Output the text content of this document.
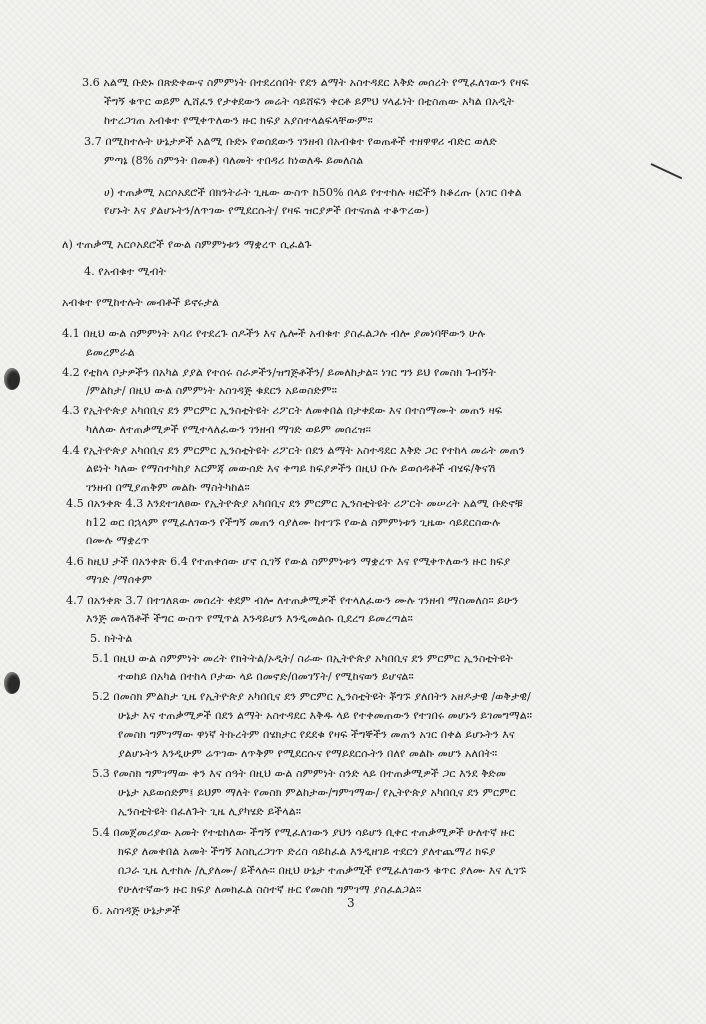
3.6 አልሚ ቡድኑ በጽድቀውና ስምምነት በተደረሰበት የደን ልማት አስተዳደር እቅድ መሰረት የሚፈለገውን የዛፍ
ችግኝ ቁጥር ወይም ሊሸፈን የታቀደውን መሬት ሳይሸፍን ቀርቶ ይምህ ሃላፊነት በቲስጠው አካል በአዲት
ከተረጋገጠ አብቁተ የሚቀጥለውን ዙር ክፍያ አያስተላልፍላቸውም።
3.7 በሚከተሉት ሁኔታዎች አልሚ ቡድኑ የወሰደውን ገንዘብ በአብቁተ የወጠቶች ተዘዋዋሪ ብድር ወለድ
ምጣኔ (8% ስምንት በመቶ) ባለመት ተበዳሪ ከነወለዱ ይመለስል
ሀ) ተጠቃሚ አርሶአደሮች በክንትራት ጊዜው ውስጥ ከ50% በላይ የተተከሉ ዛፎችን ከቆረጡ (አገር በቀል
የሆኑት እና ያልሆኑትን/ለጥገው የሚደርሱት/ የዛፍ ዝርያዎች በተናጠል ተቆጥረው)
ለ) ተጠቃሚ አርሶአደሮች የውል ስምምነቱን ማቋረጥ ሲፈልጉ
4. የአብቁተ ሚብት
አብቁተ የሚከተሉት መብቶች ይኖሩታል
4.1 በዚህ ውል ስምምነት አባሪ የተደረጉ ሰዶችን እና ሌሎች አብቁተ ያስፈልጋሉ ብሎ ያመነባቸውን ሁሉ
ይመረምራል
4.2 የቲከላ ቦታዎችን በአካል ያያል የተሰሩ ስራዎችን/ዝግጅቶችን/ ይመለከታል። ነገር ግን ይህ የመስክ ጉብኝት
/ምልከታ/ በዚህ ውል ስምምነት አስገዳጅ ቁደርን አይወስድም።
4.3 የኢትዮጵያ አካበቢና ደን ምርምር ኢንስቲትዩት ሪፖርት ለመቀበል በታቀደው እና በተስማሙት መጠን ዛፍ
ካለለው ለተጠቃሚዎች የሚተላለፈውን ገንዘብ ማገድ ወይም መሰረዝ፡፡
4.4 የኢትዮጵያ አካበቢና ደን ምርምር ኢንስቲትዩት ሪፖርት በደን ልማት አስተዳደር እቅድ ጋር የተከላ መሬት መጠን
ልዩነት ካለው የማስተካከያ እርምጃ መውሰድ እና ቀጣይ ክፍያዎችን በዚህ ቡሉ ይወሰዳቶች ብሄፍ/ቅናሽ
ገንዘብ በሚያጠቅም መልኩ ማስትካከል።
4.5 በአንቀጽ 4.3 እንደተገለፀው የኢትዮጵያ አካበቢና ደን ምርምር ኢንስቲትዩት ሪፖርት መሠረት አልሚ ቡድኖቹ
ከ12 ወር በኋላም የሚፈለገውን የችግኝ መጠን ሳያለሙ ከተገኙ የውል ስምምነቱን ጊዜው ሳይደርስውሉ
በሙሉ ማቋረጥ
4.6 ከዚህ ታች በአንቀጽ 6.4 የተጠቀሰው ሆኖ ሲገኝ የውል ስምምነቱን ማቋረጥ እና የሚቀጥለውን ዙር ክፍያ
ማገድ /ማሰቀም
4.7 በአንቀጽ 3.7 በተገለጸው መሰረት ቀደም ብሎ ለተጠቃሚዎች የተላለፈውን ሙሉ ገንዘብ ማስመለስ። ይሁን
እንጅ መላሽቶች ችግር ውስጥ የሚጥል እንዳይሆን እንዲመልሱ ቢደረግ ይመረጣል።
5. ክትትል
5.1 በዚህ ውል ስምምነት መረት የክትትል/ኦዲት/ ስራው በኢትዮጵያ አካበቢና ደን ምርምር ኢንስቲትዩት
ተወከይ በአካል በተከላ ቦታው ላይ በመኖድ/በመገኘት/ የሚከናወን ይሆናል።
5.2 በመስክ ምልከታ ጊዜ የኢትዮጵያ አካበቢና ደን ምርምር ኢንስቲትዩት ቾግኙ ያለበትን አዘዶታዊ /ወቅታዊ/
ሁኔታ እና ተጠቃሚዎች በደን ልማት አስተዳደር እቅዱ ላይ የተቀመጠውን የተገበሩ መሆኑን ይገመግማል።
የመስክ ግምገማው ዋነኛ ትኩረትም በሄክታር የደደቁ የዛፍ ችግኞችን መጠን አገር በቀል ይሆኑትን እና
ያልሆኑትን እንዲሁም ሬጥገው ለጥቅም የሚደርሱና የማይደርሱትን በለየ መልኩ መሆን አለበት።
5.3 የመስክ ግምገማው ቀን እና ሰዓት በዚህ ውል ስምምነት ስንድ ላይ በተጠቃሚዎች ጋር እንደ ቅድመ
ሁኔታ አይወሰድም፤ ይህም ማለት የመስክ ምልከታው/ግምገማው/ የኢትዮጵያ አካበቢና ደን ምርምር
ኢንስቲትዩት በፈለጉት ጊዜ ሊያካሄድ ይችላል።
5.4 በመጀመሪያው አመት የተቴከለው ችግኝ የሚፈለገውን ያህን ሳይሆን ቢቀር ተጠቃሚዎች ሁለተኛ ዙር
ክፍያ ለመቀበል አመት ችግኝ እስኪረጋገጥ ድረስ ሳይከፈል እንዲዘገይ ተደርጎ ያለተጨማሪ ክፍያ
በጋራ ጊዜ ሊተከሉ /ሊያለሙ/ ይችላሉ። በዚህ ሁኔታ ተጠቃሚች የሚፈለገውን ቁጥር ያለሙ እና ሊገኙ
የሁለተኛውን ዙር ክፍያ ለመክፈል ስስተኛ ዙር የመስክ ግምገማ ያስፈልጋል።
6. አስገዳጅ ሁኔታዎች
3
